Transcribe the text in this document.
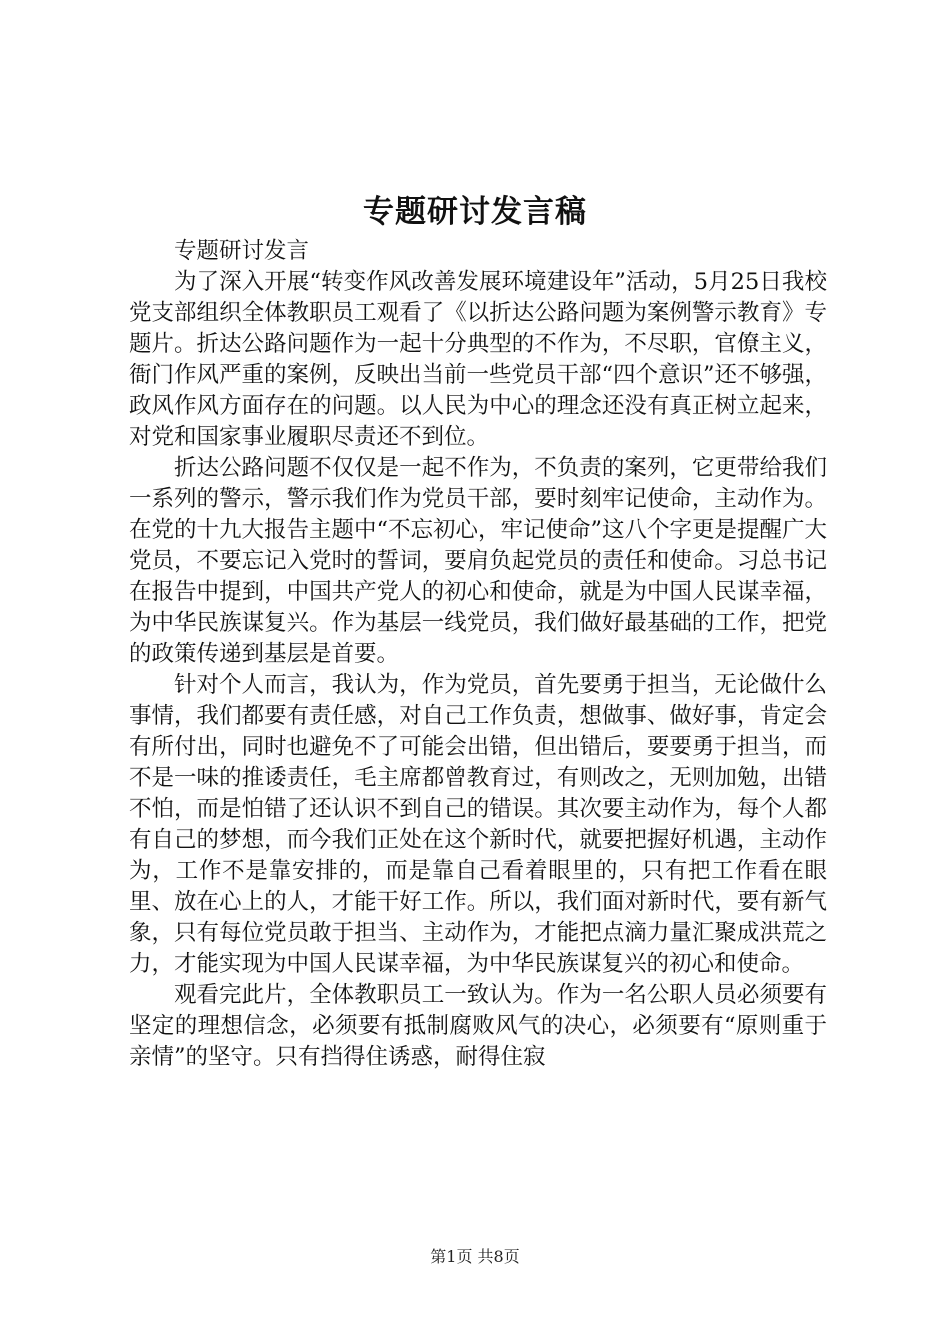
专题研讨发言稿

专题研讨发言

为了深入开展“转变作风改善发展环境建设年”活动，5月25日我校党支部组织全体教职员工观看了《以折达公路问题为案例警示教育》专题片。折达公路问题作为一起十分典型的不作为，不尽职，官僚主义，衙门作风严重的案例，反映出当前一些党员干部“四个意识”还不够强，政风作风方面存在的问题。以人民为中心的理念还没有真正树立起来，对党和国家事业履职尽责还不到位。

折达公路问题不仅仅是一起不作为，不负责的案列，它更带给我们一系列的警示，警示我们作为党员干部，要时刻牢记使命，主动作为。在党的十九大报告主题中“不忘初心，牢记使命”这八个字更是提醒广大党员，不要忘记入党时的誓词，要肩负起党员的责任和使命。习总书记在报告中提到，中国共产党人的初心和使命，就是为中国人民谋幸福，为中华民族谋复兴。作为基层一线党员，我们做好最基础的工作，把党的政策传递到基层是首要。

针对个人而言，我认为，作为党员，首先要勇于担当，无论做什么事情，我们都要有责任感，对自己工作负责，想做事、做好事，肯定会有所付出，同时也避免不了可能会出错，但出错后，要要勇于担当，而不是一味的推诿责任，毛主席都曾教育过，有则改之，无则加勉，出错不怕，而是怕错了还认识不到自己的错误。其次要主动作为，每个人都有自己的梦想，而今我们正处在这个新时代，就要把握好机遇，主动作为，工作不是靠安排的，而是靠自己看着眼里的，只有把工作看在眼里、放在心上的人，才能干好工作。所以，我们面对新时代，要有新气象，只有每位党员敢于担当、主动作为，才能把点滴力量汇聚成洪荒之力，才能实现为中国人民谋幸福，为中华民族谋复兴的初心和使命。

观看完此片，全体教职员工一致认为。作为一名公职人员必须要有坚定的理想信念，必须要有抵制腐败风气的决心，必须要有“原则重于亲情”的坚守。只有挡得住诱惑，耐得住寂

第1页 共8页
